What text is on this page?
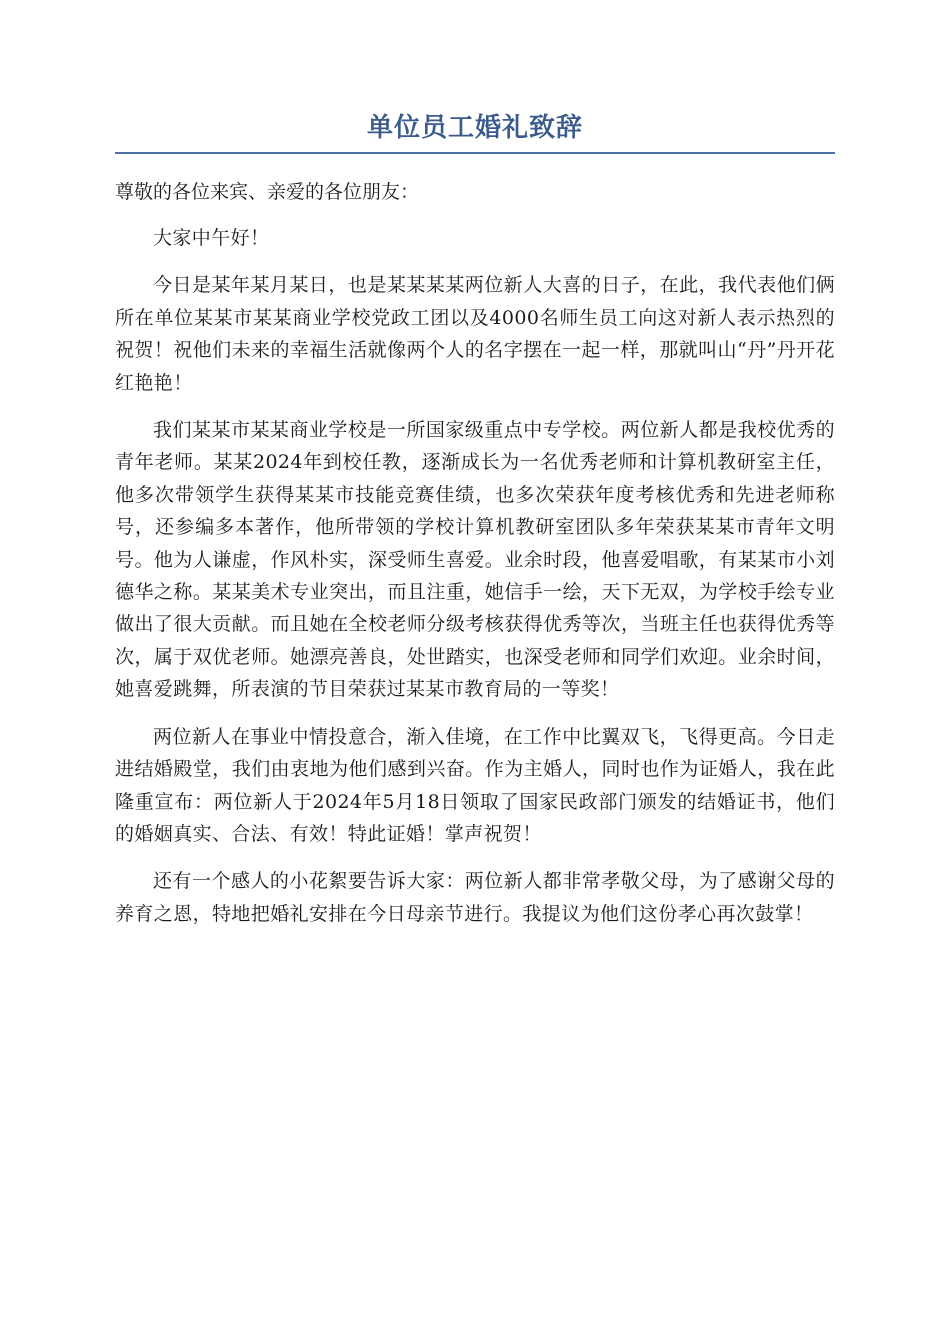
单位员工婚礼致辞

尊敬的各位来宾、亲爱的各位朋友：

大家中午好！

今日是某年某月某日，也是某某某某两位新人大喜的日子，在此，我代表他们俩所在单位某某市某某商业学校党政工团以及4000名师生员工向这对新人表示热烈的祝贺！祝他们未来的幸福生活就像两个人的名字摆在一起一样，那就叫山“丹”丹开花红艳艳！

我们某某市某某商业学校是一所国家级重点中专学校。两位新人都是我校优秀的青年老师。某某2024年到校任教，逐渐成长为一名优秀老师和计算机教研室主任，他多次带领学生获得某某市技能竞赛佳绩，也多次荣获年度考核优秀和先进老师称号，还参编多本著作，他所带领的学校计算机教研室团队多年荣获某某市青年文明号。他为人谦虚，作风朴实，深受师生喜爱。业余时段，他喜爱唱歌，有某某市小刘德华之称。某某美术专业突出，而且注重，她信手一绘，天下无双，为学校手绘专业做出了很大贡献。而且她在全校老师分级考核获得优秀等次，当班主任也获得优秀等次，属于双优老师。她漂亮善良，处世踏实，也深受老师和同学们欢迎。业余时间，她喜爱跳舞，所表演的节目荣获过某某市教育局的一等奖！

两位新人在事业中情投意合，渐入佳境，在工作中比翼双飞，飞得更高。今日走进结婚殿堂，我们由衷地为他们感到兴奋。作为主婚人，同时也作为证婚人，我在此隆重宣布：两位新人于2024年5月18日领取了国家民政部门颁发的结婚证书，他们的婚姻真实、合法、有效！特此证婚！掌声祝贺！

还有一个感人的小花絮要告诉大家：两位新人都非常孝敬父母，为了感谢父母的养育之恩，特地把婚礼安排在今日母亲节进行。我提议为他们这份孝心再次鼓掌！
